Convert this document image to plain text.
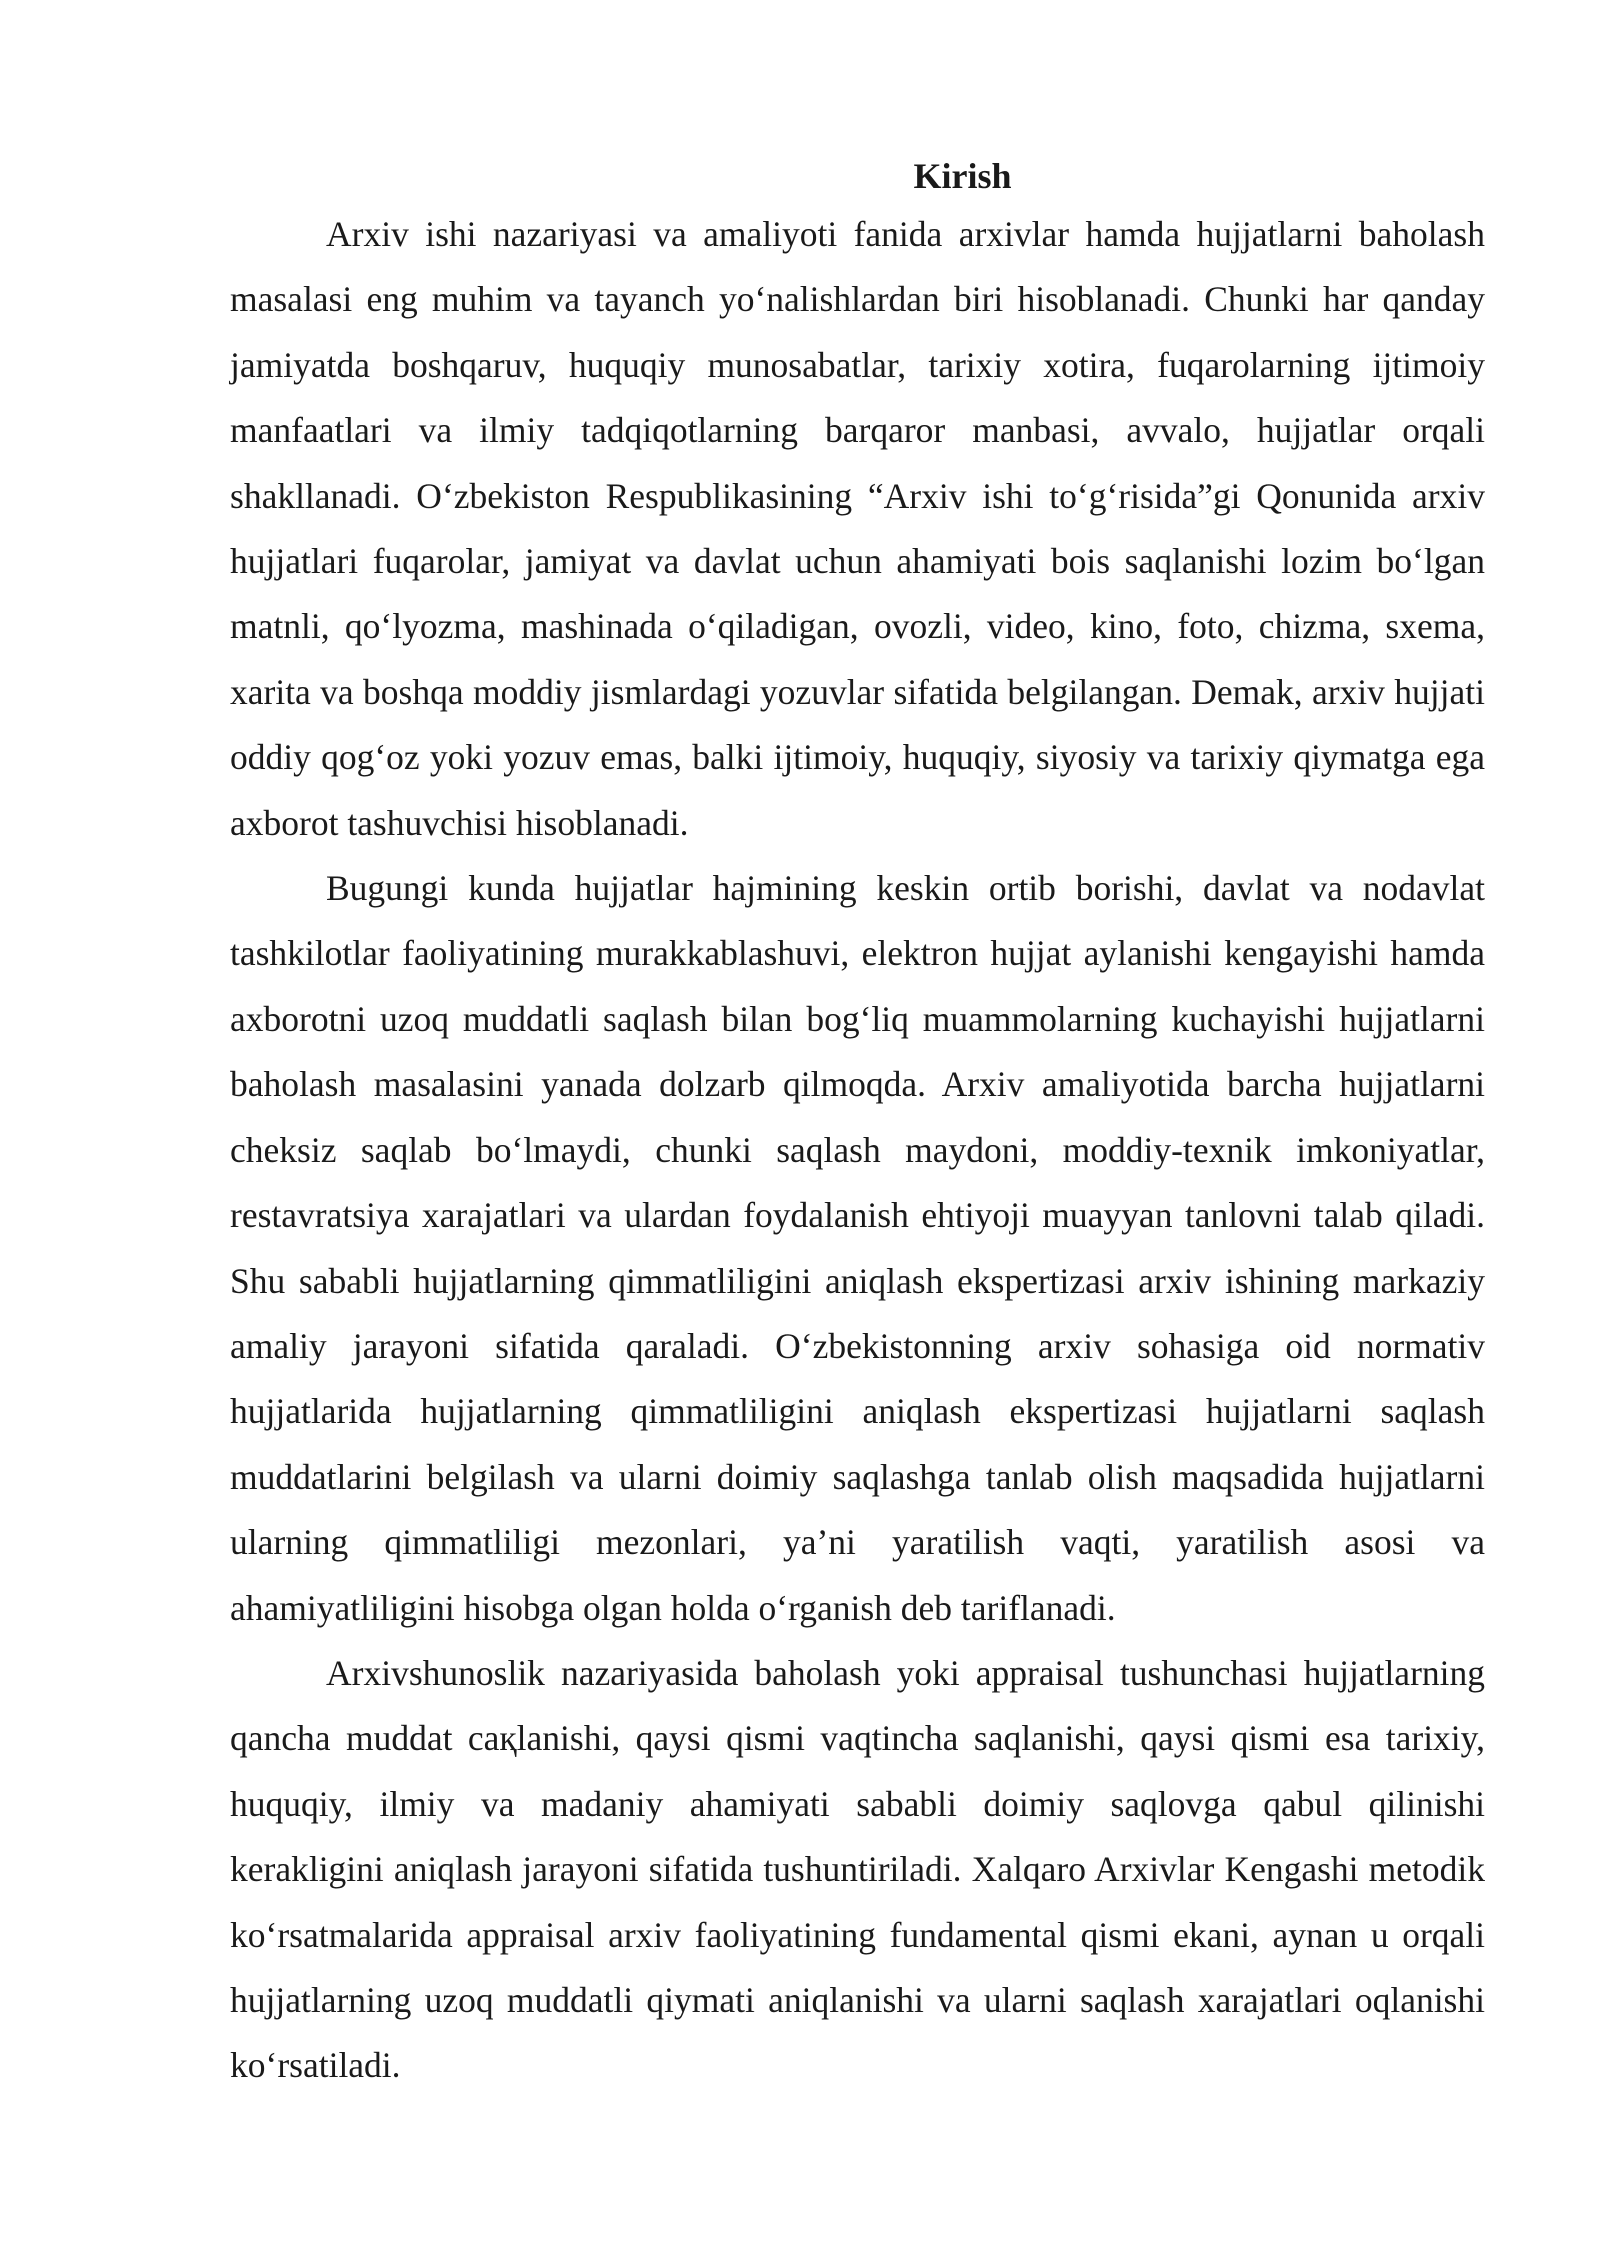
Kirish

Arxiv ishi nazariyasi va amaliyoti fanida arxivlar hamda hujjatlarni baholash masalasi eng muhim va tayanch yo‘nalishlardan biri hisoblanadi. Chunki har qanday jamiyatda boshqaruv, huquqiy munosabatlar, tarixiy xotira, fuqarolarning ijtimoiy manfaatlari va ilmiy tadqiqotlarning barqaror manbasi, avvalo, hujjatlar orqali shakllanadi. O‘zbekiston Respublikasining “Arxiv ishi to‘g‘risida”gi Qonunida arxiv hujjatlari fuqarolar, jamiyat va davlat uchun ahamiyati bois saqlanishi lozim bo‘lgan matnli, qo‘lyozma, mashinada o‘qiladigan, ovozli, video, kino, foto, chizma, sxema, xarita va boshqa moddiy jismlardagi yozuvlar sifatida belgilangan. Demak, arxiv hujjati oddiy qog‘oz yoki yozuv emas, balki ijtimoiy, huquqiy, siyosiy va tarixiy qiymatga ega axborot tashuvchisi hisoblanadi.

Bugungi kunda hujjatlar hajmining keskin ortib borishi, davlat va nodavlat tashkilotlar faoliyatining murakkablashuvi, elektron hujjat aylanishi kengayishi hamda axborotni uzoq muddatli saqlash bilan bog‘liq muammolarning kuchayishi hujjatlarni baholash masalasini yanada dolzarb qilmoqda. Arxiv amaliyotida barcha hujjatlarni cheksiz saqlab bo‘lmaydi, chunki saqlash maydoni, moddiy-texnik imkoniyatlar, restavratsiya xarajatlari va ulardan foydalanish ehtiyoji muayyan tanlovni talab qiladi. Shu sababli hujjatlarning qimmatliligini aniqlash ekspertizasi arxiv ishining markaziy amaliy jarayoni sifatida qaraladi. O‘zbekistonning arxiv sohasiga oid normativ hujjatlarida hujjatlarning qimmatliligini aniqlash ekspertizasi hujjatlarni saqlash muddatlarini belgilash va ularni doimiy saqlashga tanlab olish maqsadida hujjatlarni ularning qimmatliligi mezonlari, ya’ni yaratilish vaqti, yaratilish asosi va ahamiyatliligini hisobga olgan holda o‘rganish deb tariflanadi.

Arxivshunoslik nazariyasida baholash yoki appraisal tushunchasi hujjatlarning qancha muddat caқlanishi, qaysi qismi vaqtincha saqlanishi, qaysi qismi esa tarixiy, huquqiy, ilmiy va madaniy ahamiyati sababli doimiy saqlovga qabul qilinishi kerakligini aniqlash jarayoni sifatida tushuntiriladi. Xalqaro Arxivlar Kengashi metodik ko‘rsatmalarida appraisal arxiv faoliyatining fundamental qismi ekani, aynan u orqali hujjatlarning uzoq muddatli qiymati aniqlanishi va ularni saqlash xarajatlari oqlanishi ko‘rsatiladi.
